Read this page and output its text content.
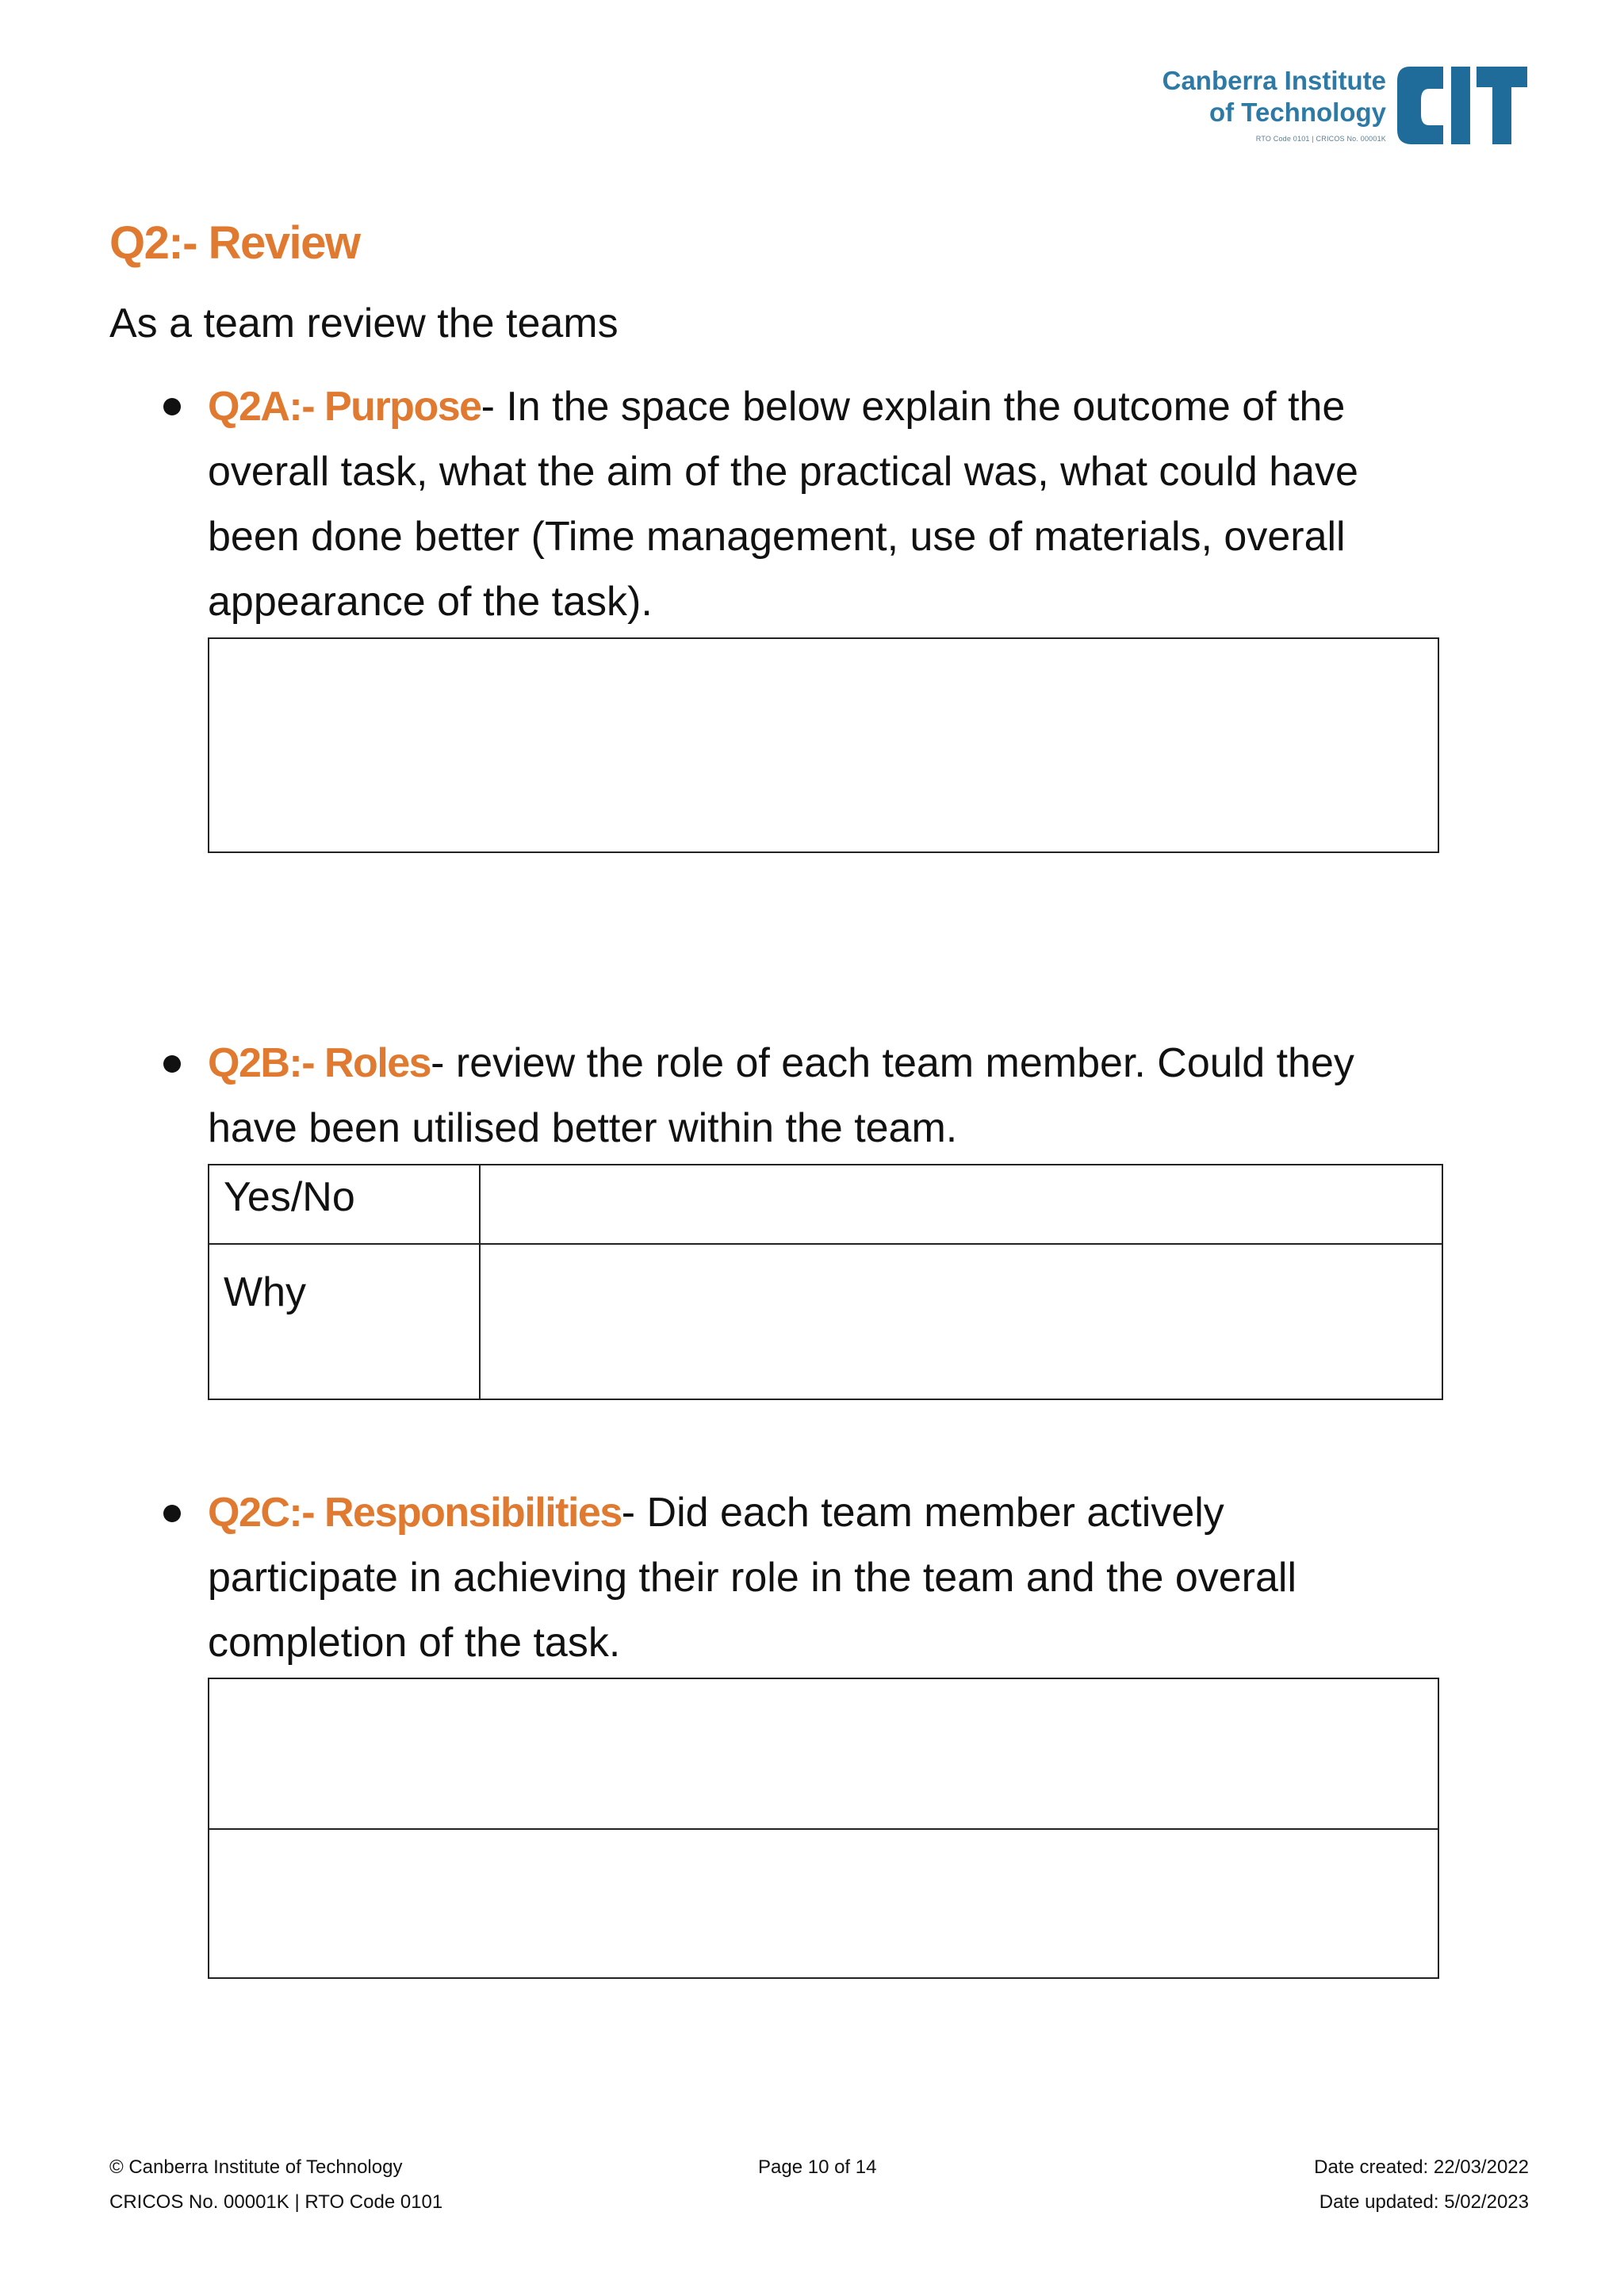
Canberra Institute
of Technology
RTO Code 0101 | CRICOS No. 00001K
Q2:- Review
As a team review the teams
Q2A:- Purpose- In the space below explain the outcome of the
overall task, what the aim of the practical was, what could have
been done better (Time management, use of materials, overall
appearance of the task).
Q2B:- Roles- review the role of each team member. Could they
have been utilised better within the team.
Yes/No
Why
Q2C:- Responsibilities- Did each team member actively
participate in achieving their role in the team and the overall
completion of the task.
© Canberra Institute of Technology
CRICOS No. 00001K | RTO Code 0101
Page 10 of 14	Date created: 22/03/2022
Date updated: 5/02/2023
